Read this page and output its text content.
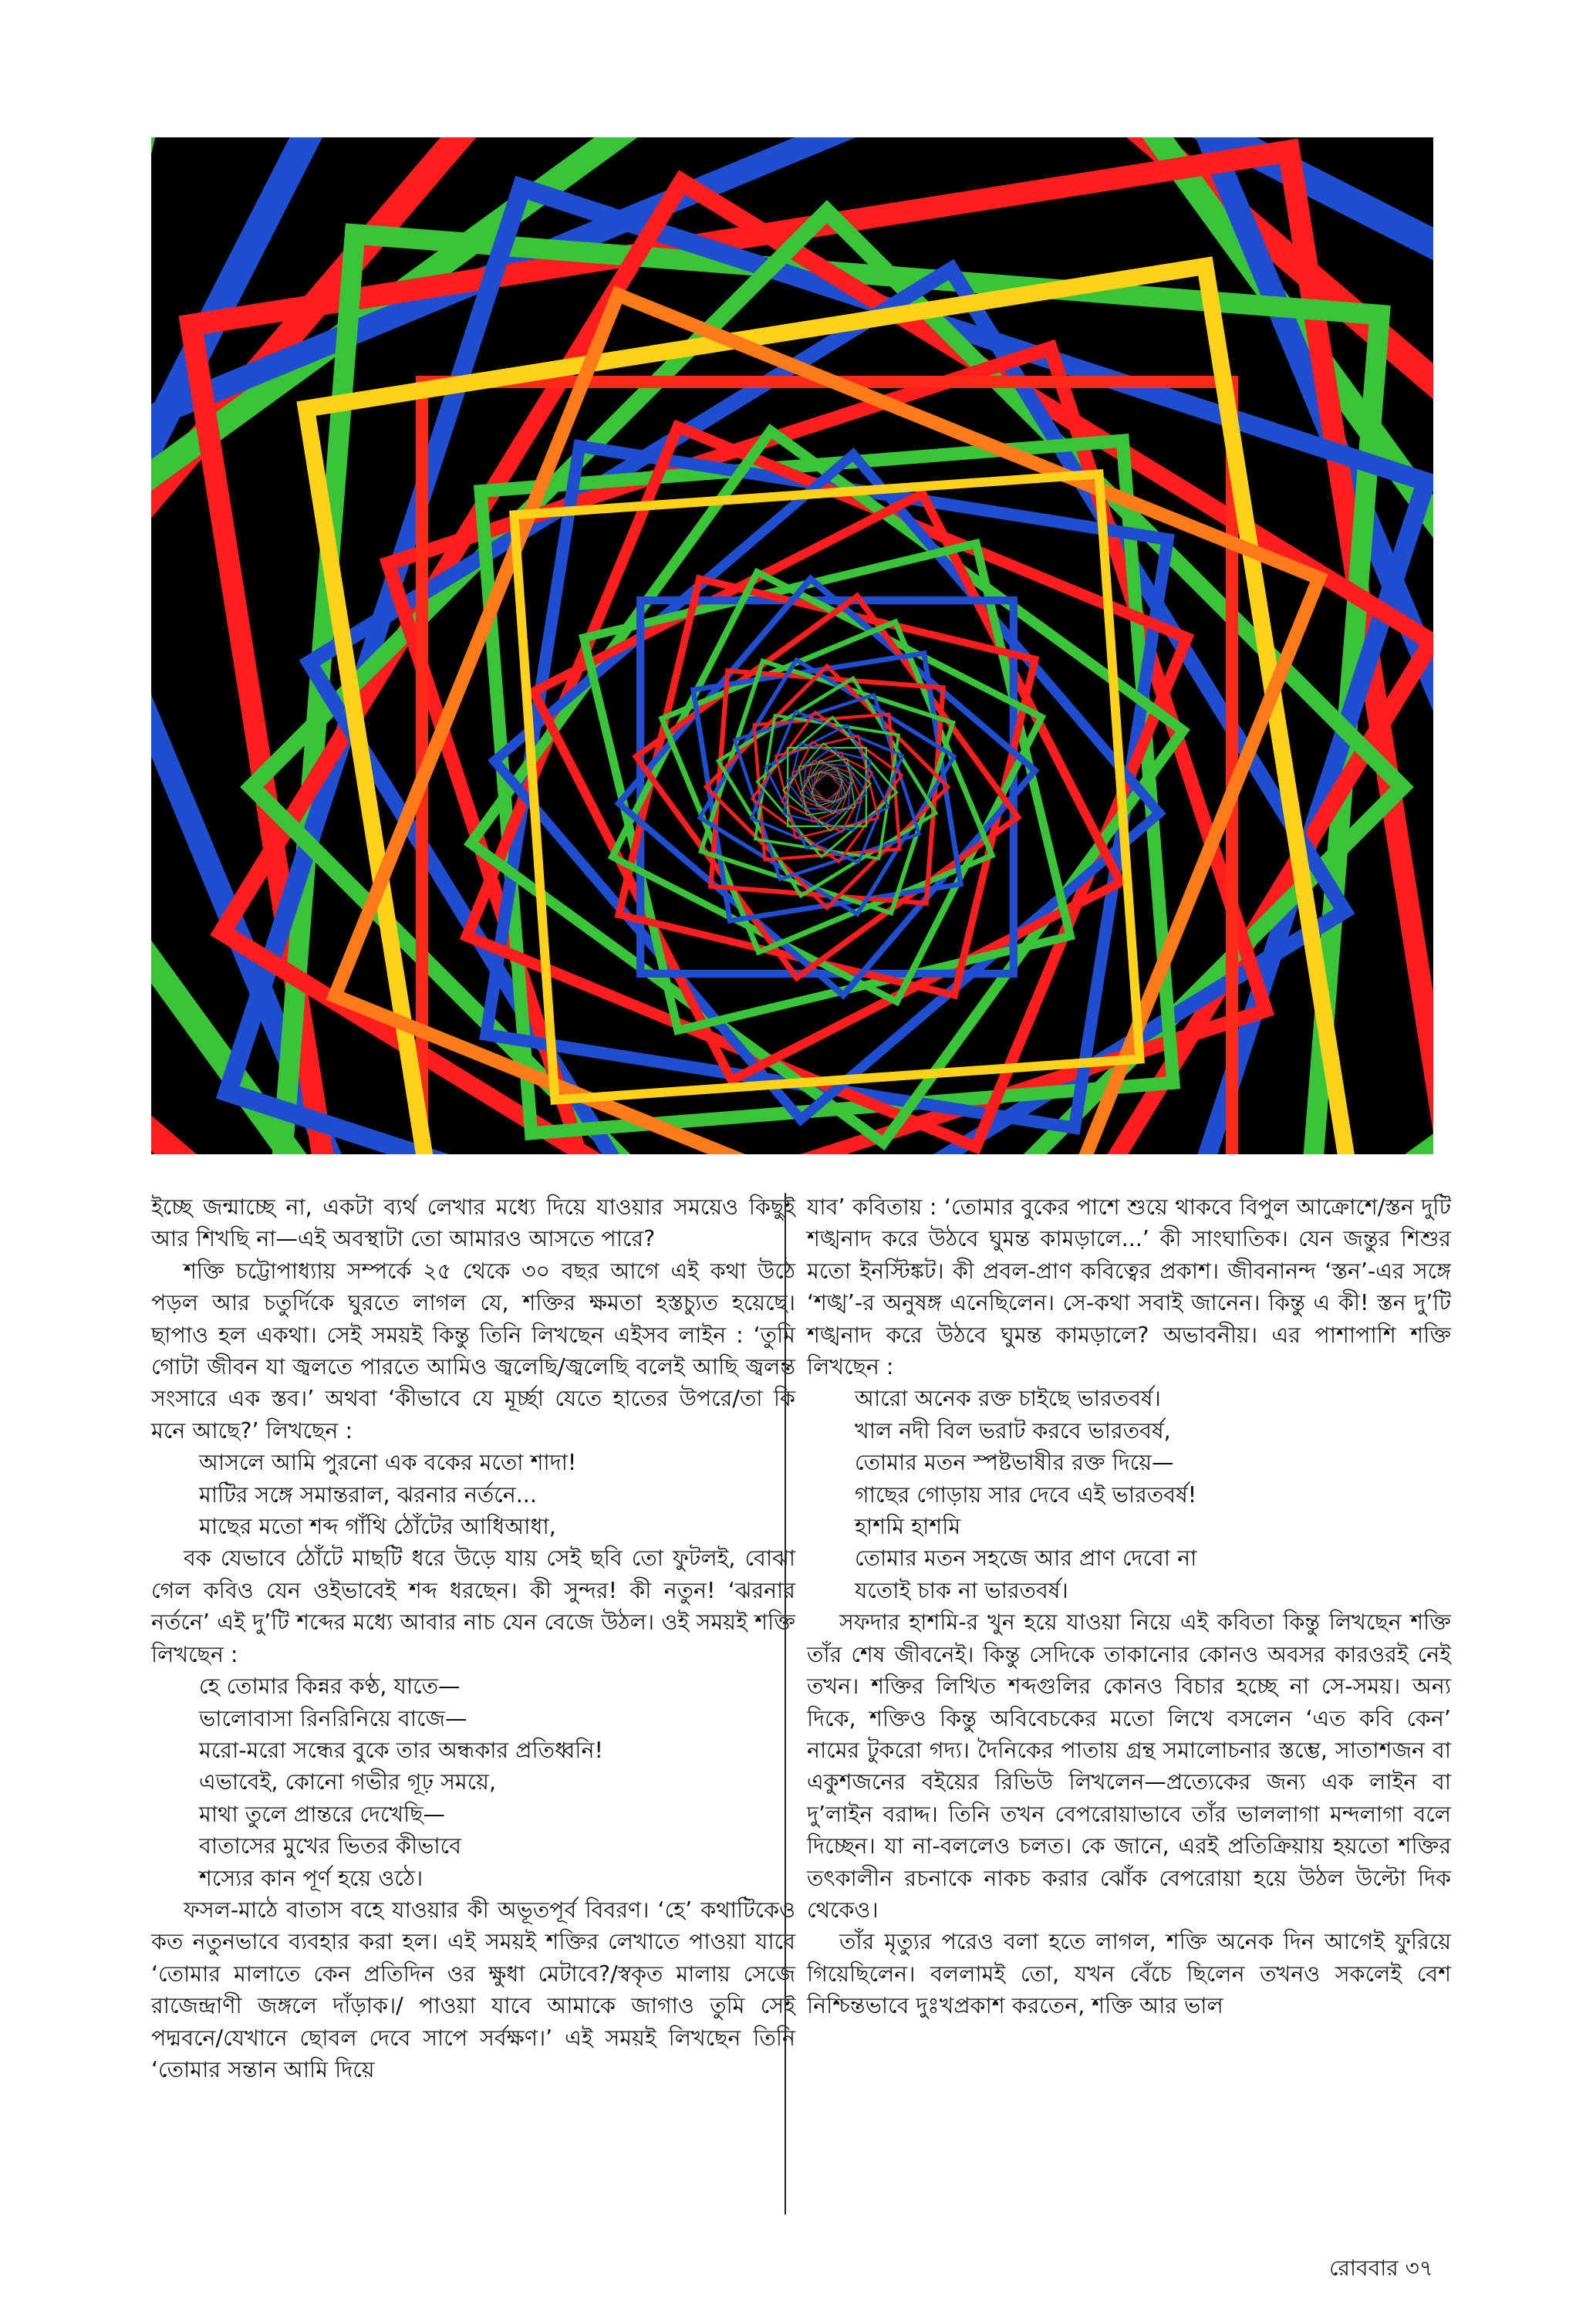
ইচ্ছে জন্মাচ্ছে না, একটা ব্যর্থ লেখার মধ্যে দিয়ে যাওয়ার সময়েও কিছুই আর শিখছি না—এই অবস্থাটা তো আমারও আসতে পারে?

শক্তি চট্টোপাধ্যায় সম্পর্কে ২৫ থেকে ৩০ বছর আগে এই কথা উঠে পড়ল আর চতুর্দিকে ঘুরতে লাগল যে, শক্তির ক্ষমতা হস্তচ্যুত হয়েছে। ছাপাও হল একথা। সেই সময়ই কিন্তু তিনি লিখছেন এইসব লাইন : ‘তুমি গোটা জীবন যা জ্বলতে পারতে আমিও জ্বলেছি/জ্বলেছি বলেই আছি জ্বলন্ত সংসারে এক স্তব।’ অথবা ‘কীভাবে যে মূর্চ্ছা যেতে হাতের উপরে/তা কি মনে আছে?’ লিখছেন :

আসলে আমি পুরনো এক বকের মতো শাদা!

মাটির সঙ্গে সমান্তরাল, ঝরনার নর্তনে...

মাছের মতো শব্দ গাঁথি ঠোঁটের আধিআধা,

বক যেভাবে ঠোঁটে মাছটি ধরে উড়ে যায় সেই ছবি তো ফুটলই, বোঝা গেল কবিও যেন ওইভাবেই শব্দ ধরছেন। কী সুন্দর! কী নতুন! ‘ঝরনার নর্তনে’ এই দু’টি শব্দের মধ্যে আবার নাচ যেন বেজে উঠল। ওই সময়ই শক্তি লিখছেন :

হে তোমার কিন্নর কণ্ঠ, যাতে—

ভালোবাসা রিনরিনিয়ে বাজে—

মরো-মরো সন্ধের বুকে তার অন্ধকার প্রতিধ্বনি!

এভাবেই, কোনো গভীর গূঢ় সময়ে,

মাথা তুলে প্রান্তরে দেখেছি—

বাতাসের মুখের ভিতর কীভাবে

শস্যের কান পূর্ণ হয়ে ওঠে।

ফসল-মাঠে বাতাস বহে যাওয়ার কী অভূতপূর্ব বিবরণ। ‘হে’ কথাটিকেও কত নতুনভাবে ব্যবহার করা হল। এই সময়ই শক্তির লেখাতে পাওয়া যাবে ‘তোমার মালাতে কেন প্রতিদিন ওর ক্ষুধা মেটাবে?/স্বকৃত মালায় সেজে রাজেন্দ্রাণী জঙ্গলে দাঁড়াক।/ পাওয়া যাবে আমাকে জাগাও তুমি সেই পদ্মবনে/যেখানে ছোবল দেবে সাপে সর্বক্ষণ।’ এই সময়ই লিখছেন তিনি ‘তোমার সন্তান আমি দিয়ে

যাব’ কবিতায় : ‘তোমার বুকের পাশে শুয়ে থাকবে বিপুল আক্রোশে/স্তন দুটি শঙ্খনাদ করে উঠবে ঘুমন্ত কামড়ালে...’ কী সাংঘাতিক। যেন জন্তুর শিশুর মতো ইনস্টিঙ্কট। কী প্রবল-প্রাণ কবিত্বের প্রকাশ। জীবনানন্দ ‘স্তন’-এর সঙ্গে ‘শঙ্খ’-র অনুষঙ্গ এনেছিলেন। সে-কথা সবাই জানেন। কিন্তু এ কী! স্তন দু’টি শঙ্খনাদ করে উঠবে ঘুমন্ত কামড়ালে? অভাবনীয়। এর পাশাপাশি শক্তি লিখছেন :

আরো অনেক রক্ত চাইছে ভারতবর্ষ।

খাল নদী বিল ভরাট করবে ভারতবর্ষ,

তোমার মতন স্পষ্টভাষীর রক্ত দিয়ে—

গাছের গোড়ায় সার দেবে এই ভারতবর্ষ!

হাশমি হাশমি

তোমার মতন সহজে আর প্রাণ দেবো না

যতোই চাক না ভারতবর্ষ।

সফদার হাশমি-র খুন হয়ে যাওয়া নিয়ে এই কবিতা কিন্তু লিখছেন শক্তি তাঁর শেষ জীবনেই। কিন্তু সেদিকে তাকানোর কোনও অবসর কারওরই নেই তখন। শক্তির লিখিত শব্দগুলির কোনও বিচার হচ্ছে না সে-সময়। অন্য দিকে, শক্তিও কিন্তু অবিবেচকের মতো লিখে বসলেন ‘এত কবি কেন’ নামের টুকরো গদ্য। দৈনিকের পাতায় গ্রন্থ সমালোচনার স্তম্ভে, সাতাশজন বা একুশজনের বইয়ের রিভিউ লিখলেন—প্রত্যেকের জন্য এক লাইন বা দু’লাইন বরাদ্দ। তিনি তখন বেপরোয়াভাবে তাঁর ভাললাগা মন্দলাগা বলে দিচ্ছেন। যা না-বললেও চলত। কে জানে, এরই প্রতিক্রিয়ায় হয়তো শক্তির তৎকালীন রচনাকে নাকচ করার ঝোঁক বেপরোয়া হয়ে উঠল উল্টো দিক থেকেও।

তাঁর মৃত্যুর পরেও বলা হতে লাগল, শক্তি অনেক দিন আগেই ফুরিয়ে গিয়েছিলেন। বললামই তো, যখন বেঁচে ছিলেন তখনও সকলেই বেশ নিশ্চিন্তভাবে দুঃখপ্রকাশ করতেন, শক্তি আর ভাল

রোববার ৩৭
